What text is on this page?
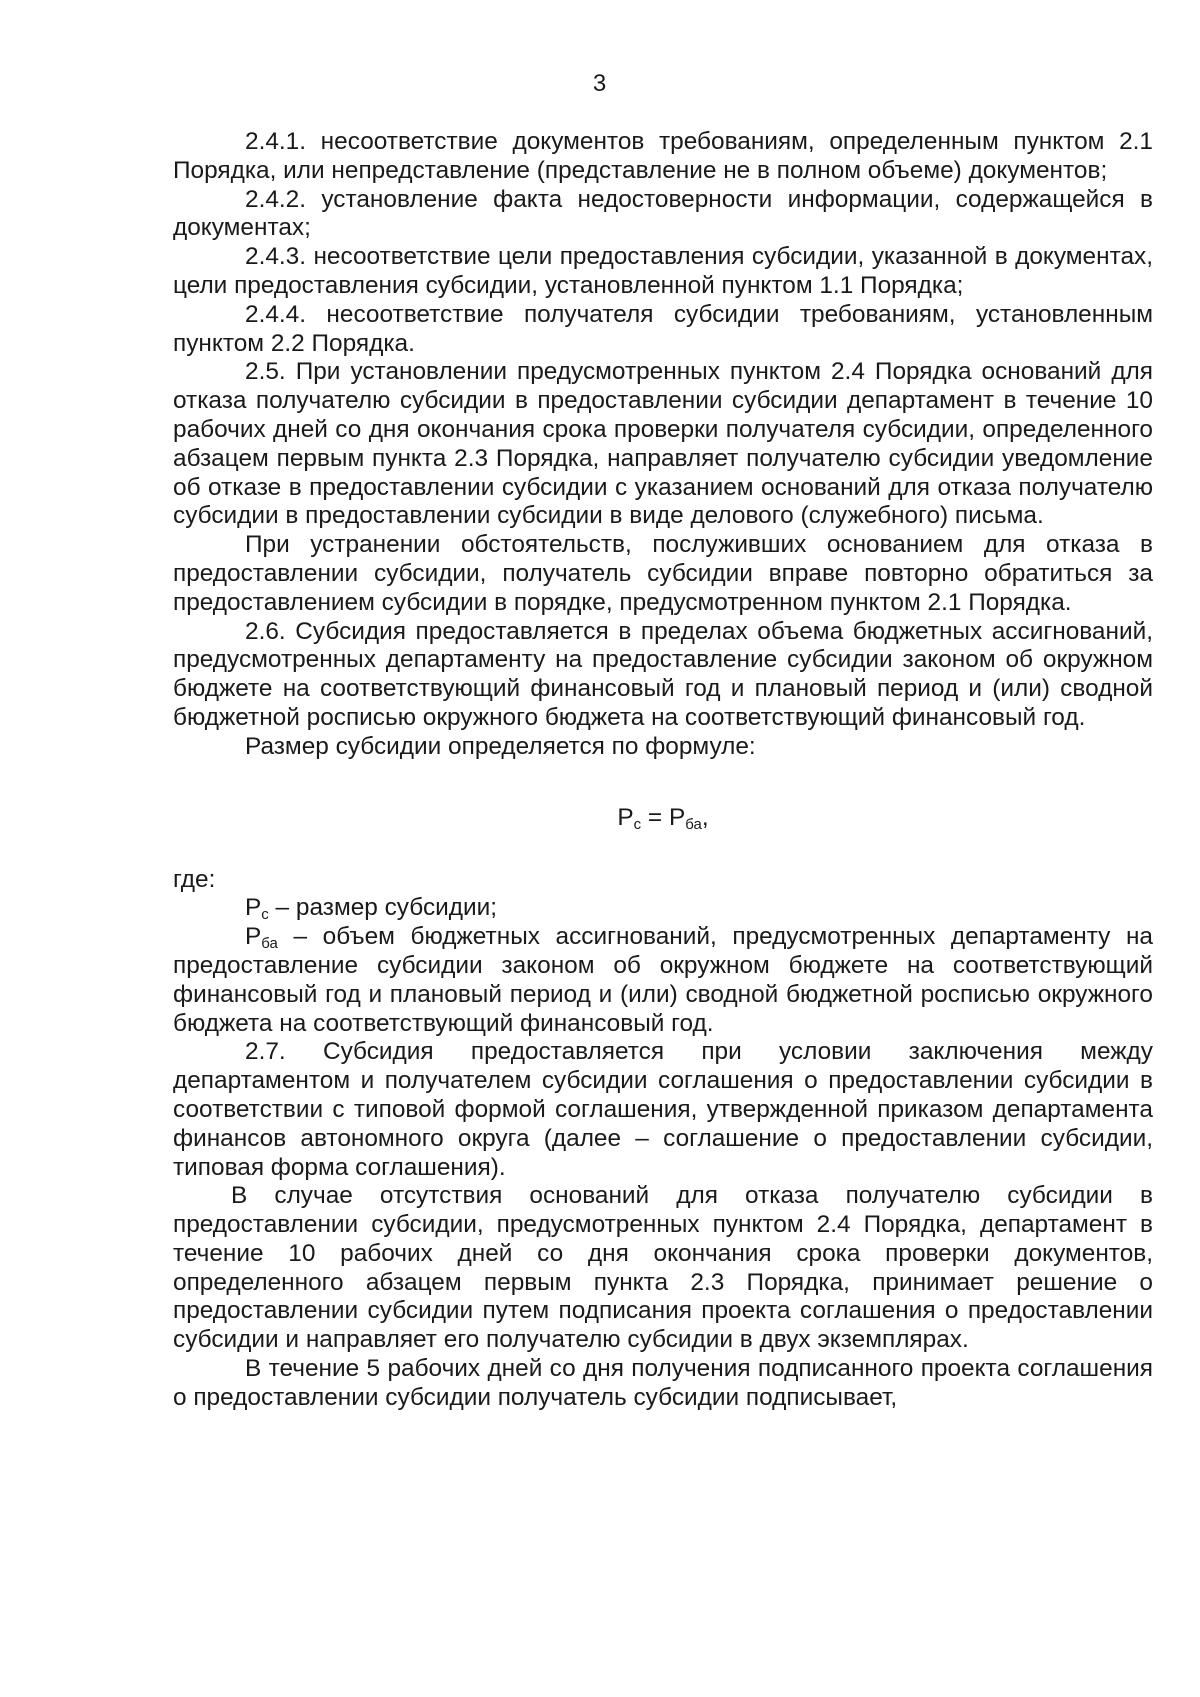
3

2.4.1. несоответствие документов требованиям, определенным пунктом 2.1 Порядка, или непредставление (представление не в полном объеме) документов;

2.4.2. установление факта недостоверности информации, содержащейся в документах;

2.4.3. несоответствие цели предоставления субсидии, указанной в документах, цели предоставления субсидии, установленной пунктом 1.1 Порядка;

2.4.4. несоответствие получателя субсидии требованиям, установленным пунктом 2.2 Порядка.

2.5. При установлении предусмотренных пунктом 2.4 Порядка оснований для отказа получателю субсидии в предоставлении субсидии департамент в течение 10 рабочих дней со дня окончания срока проверки получателя субсидии, определенного абзацем первым пункта 2.3 Порядка, направляет получателю субсидии уведомление об отказе в предоставлении субсидии с указанием оснований для отказа получателю субсидии в предоставлении субсидии в виде делового (служебного) письма.

При устранении обстоятельств, послуживших основанием для отказа в предоставлении субсидии, получатель субсидии вправе повторно обратиться за предоставлением субсидии в порядке, предусмотренном пунктом 2.1 Порядка.

2.6. Субсидия предоставляется в пределах объема бюджетных ассигнований, предусмотренных департаменту на предоставление субсидии законом об окружном бюджете на соответствующий финансовый год и плановый период и (или) сводной бюджетной росписью окружного бюджета на соответствующий финансовый год.

Размер субсидии определяется по формуле:

$Р_с = Р_{ба}$,

где:

$Р_с$ – размер субсидии;

$Р_{ба}$ – объем бюджетных ассигнований, предусмотренных департаменту на предоставление субсидии законом об окружном бюджете на соответствующий финансовый год и плановый период и (или) сводной бюджетной росписью окружного бюджета на соответствующий финансовый год.

2.7. Субсидия предоставляется при условии заключения между департаментом и получателем субсидии соглашения о предоставлении субсидии в соответствии с типовой формой соглашения, утвержденной приказом департамента финансов автономного округа (далее – соглашение о предоставлении субсидии, типовая форма соглашения).

В случае отсутствия оснований для отказа получателю субсидии в предоставлении субсидии, предусмотренных пунктом 2.4 Порядка, департамент в течение 10 рабочих дней со дня окончания срока проверки документов, определенного абзацем первым пункта 2.3 Порядка, принимает решение о предоставлении субсидии путем подписания проекта соглашения о предоставлении субсидии и направляет его получателю субсидии в двух экземплярах.

В течение 5 рабочих дней со дня получения подписанного проекта соглашения о предоставлении субсидии получатель субсидии подписывает,
